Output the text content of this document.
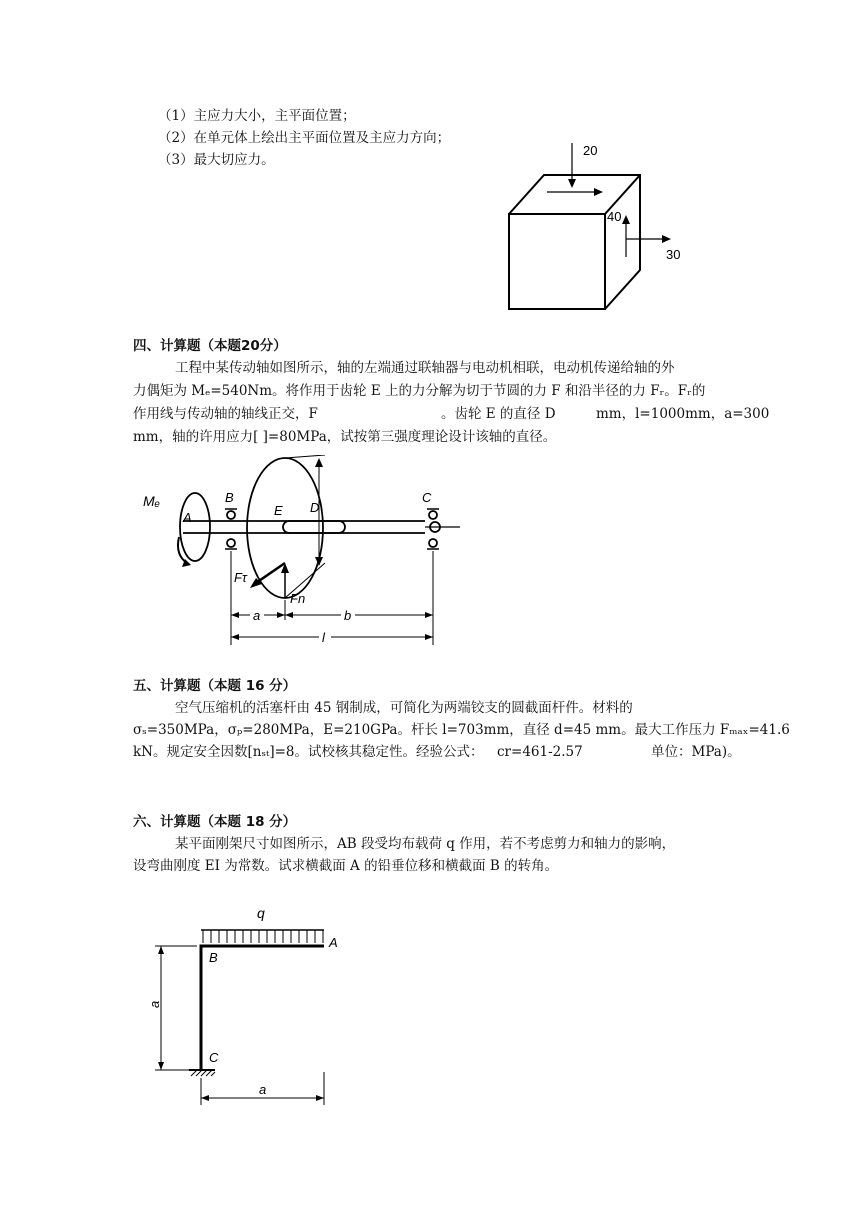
（1）主应力大小，主平面位置；
（2）在单元体上绘出主平面位置及主应力方向；
（3）最大切应力。
20
40
30
四、计算题（本题20分）
工程中某传动轴如图所示，轴的左端通过联轴器与电动机相联，电动机传递给轴的外
力偶矩为 Mₑ=540Nm。将作用于齿轮 E 上的力分解为切于节圆的力 F 和沿半径的力 Fᵣ。Fᵣ的
作用线与传动轴的轴线正交，F	。齿轮 E 的直径 D	mm，l=1000mm，a=300
mm，轴的许用应力[ ]=80MPa，试按第三强度理论设计该轴的直径。
Mₑ
A
B
E D
C
Fτ
Fn
a	b
l
五、计算题（本题 16 分）
空气压缩机的活塞杆由 45 钢制成，可简化为两端铰支的圆截面杆件。材料的
σₛ=350MPa，σₚ=280MPa，E=210GPa。杆长 l=703mm，直径 d=45 mm。最大工作压力 Fₘₐₓ=41.6
kN。规定安全因数[nₛₜ]=8。试校核其稳定性。经验公式： cr=461-2.57	单位：MPa)。
六、计算题（本题 18 分）
某平面刚架尺寸如图所示，AB 段受均布载荷 q 作用，若不考虑剪力和轴力的影响，
设弯曲刚度 EI 为常数。试求横截面 A 的铅垂位移和横截面 B 的转角。
q
A
B
C
a
a
